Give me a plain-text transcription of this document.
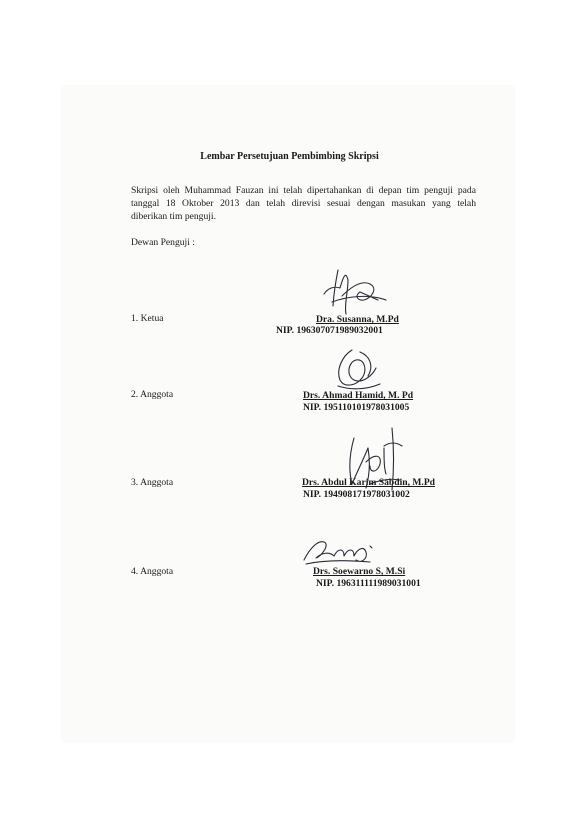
Lembar Persetujuan Pembimbing Skripsi
Skripsi oleh Muhammad Fauzan ini telah dipertahankan di depan tim penguji pada
tanggal 18 Oktober 2013 dan telah direvisi sesuai dengan masukan yang telah
diberikan tim penguji.
Dewan Penguji :
1. Ketua	Dra. Susanna, M.Pd
NIP. 196307071989032001
2. Anggota	Drs. Ahmad Hamid, M. Pd
NIP. 195110101978031005
3. Anggota	Drs. Abdul Karim Sabdin, M.Pd
NIP. 194908171978031002
4. Anggota	Drs. Soewarno S, M.Si
NIP. 196311111989031001
